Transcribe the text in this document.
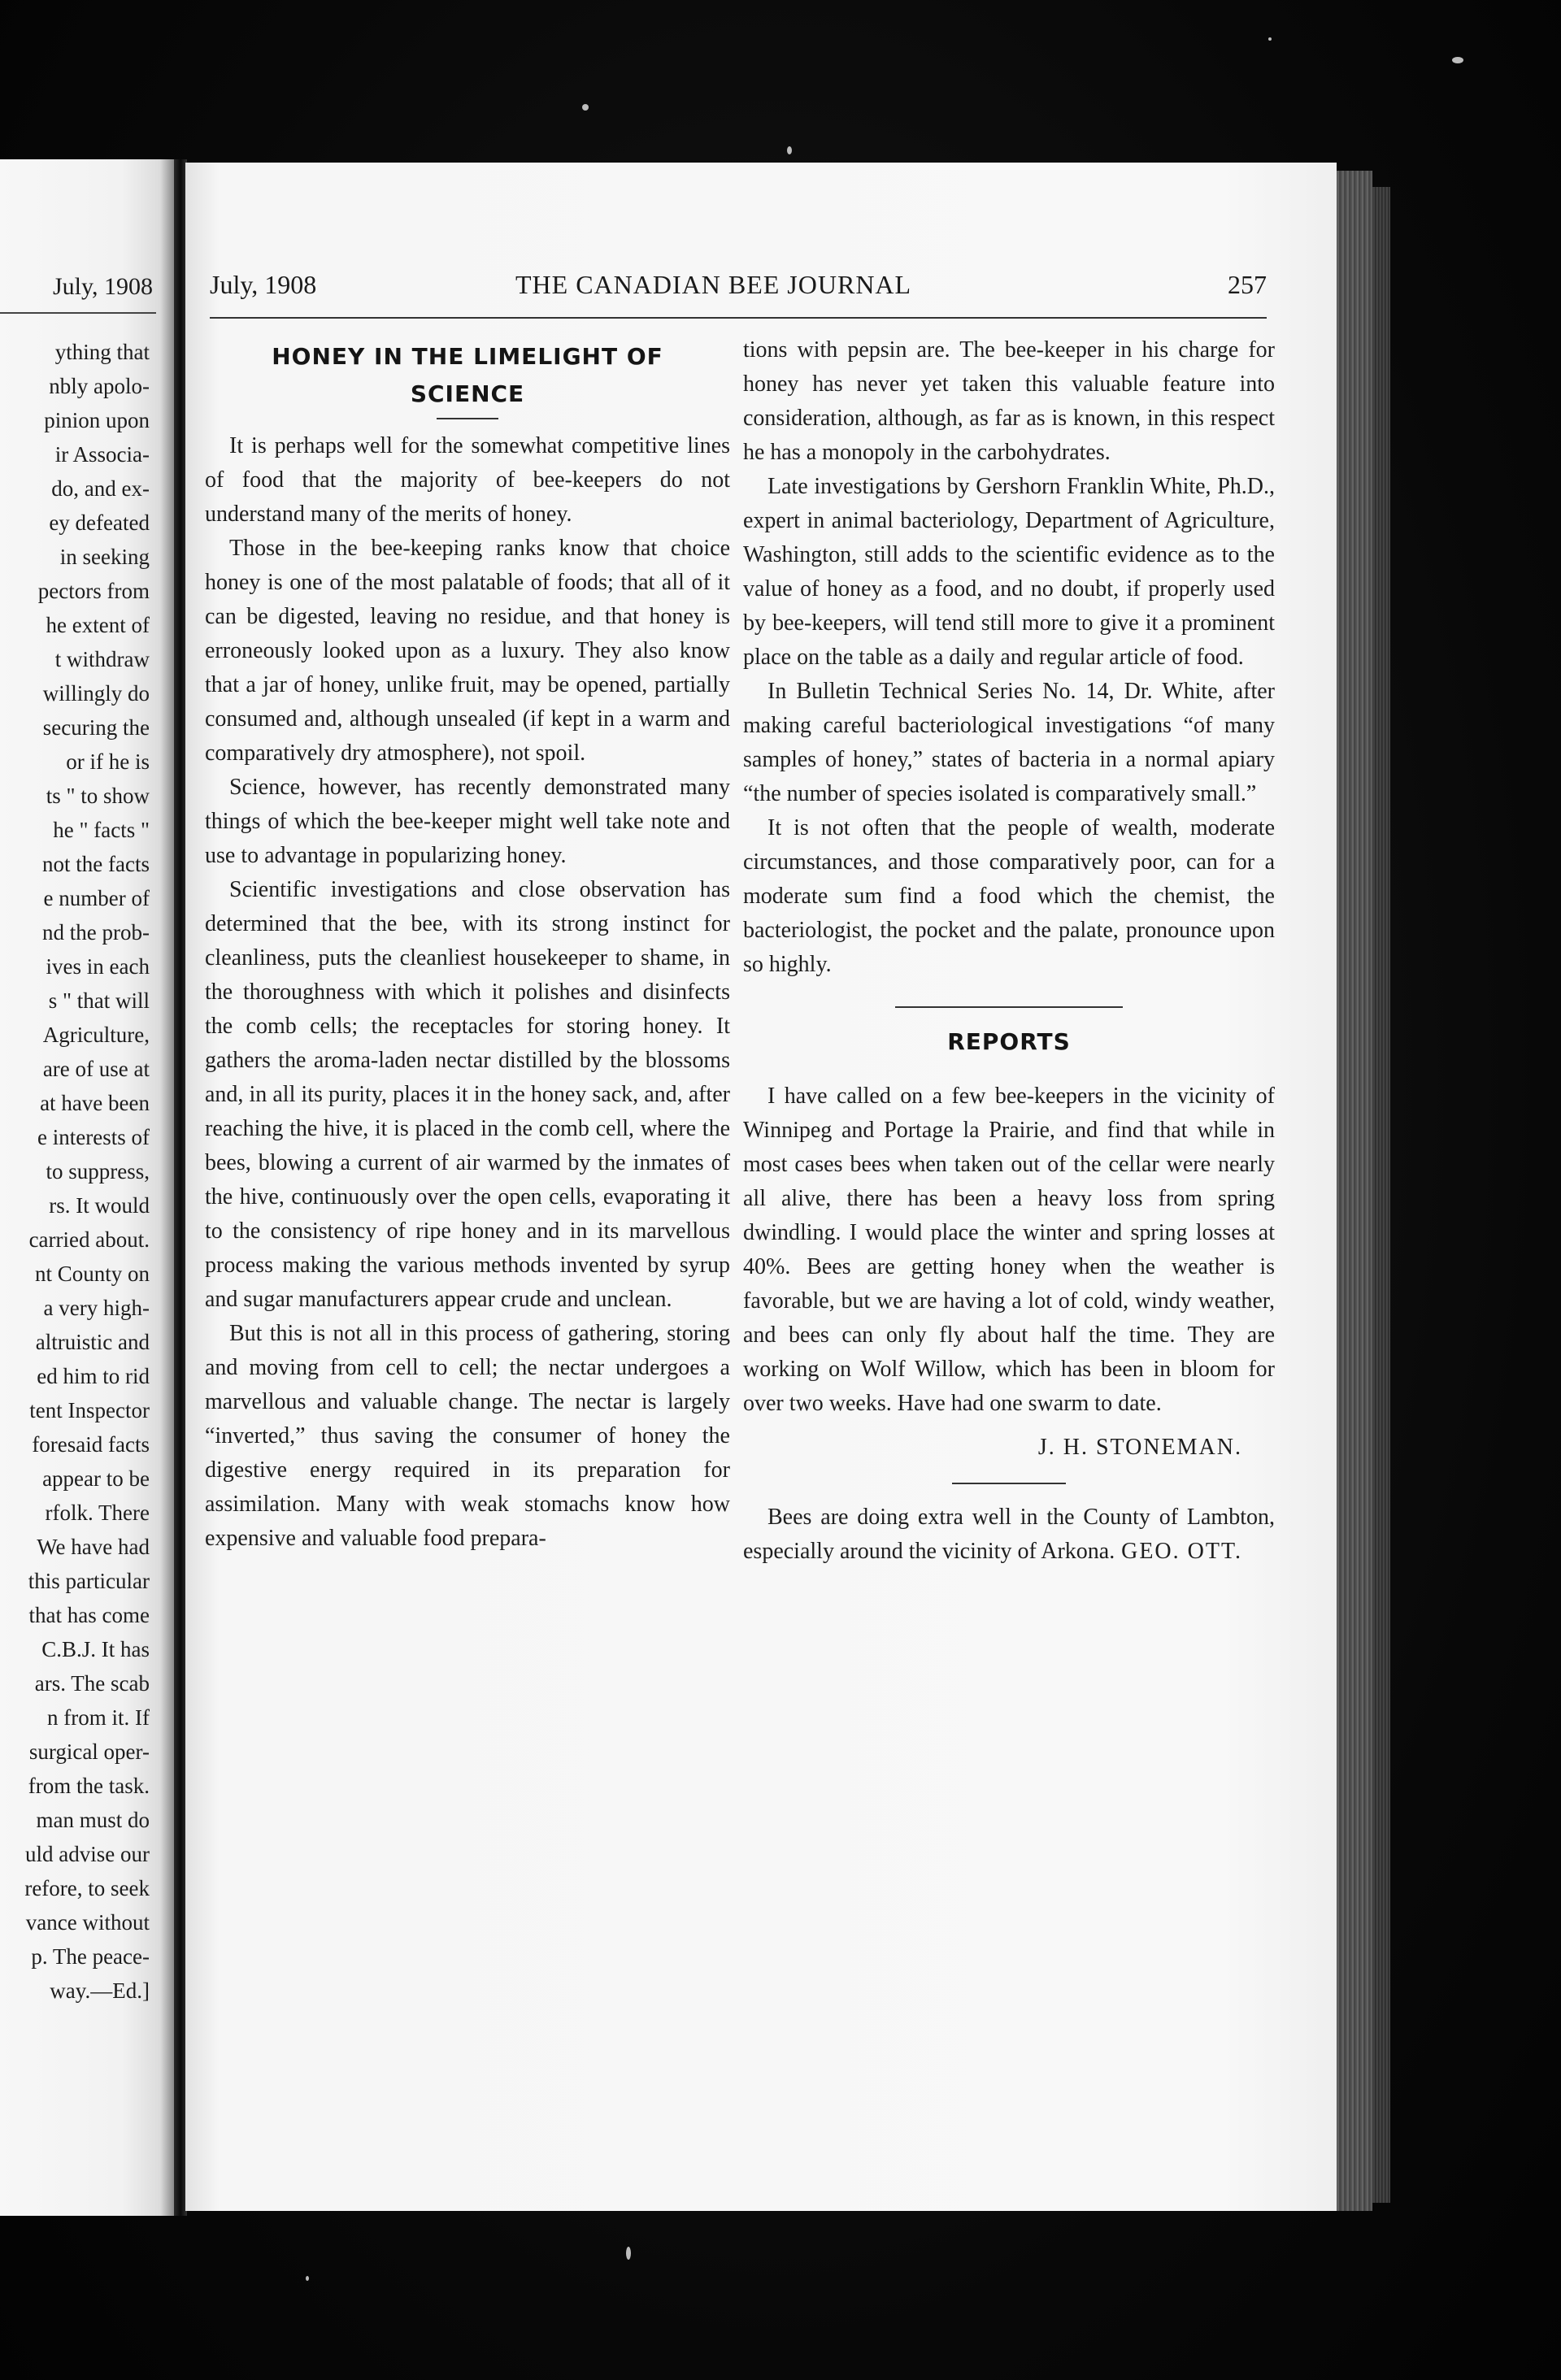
July, 1908
ything that
nbly apolo-
pinion upon
ir Associa-
do, and ex-
ey defeated
in seeking
pectors from
he extent of
t withdraw
willingly do
securing the
or if he is
ts " to show
he " facts "
not the facts
e number of
nd the prob-
ives in each
s " that will
Agriculture,
are of use at
at have been
e interests of
to suppress,
rs. It would
carried about.
nt County on
a very high-
altruistic and
ed him to rid
tent Inspector
foresaid facts
appear to be
rfolk. There
We have had
this particular
that has come
C.B.J. It has
ars. The scab
n from it. If
surgical oper-
from the task.
man must do
uld advise our
refore, to seek
vance without
p. The peace-
way.—Ed.]
July, 1908	THE CANADIAN BEE JOURNAL	257
HONEY IN THE LIMELIGHT OF
SCIENCE

It is perhaps well for the somewhat competitive lines of food that the majority of bee-keepers do not understand many of the merits of honey.

Those in the bee-keeping ranks know that choice honey is one of the most palatable of foods; that all of it can be digested, leaving no residue, and that honey is erroneously looked upon as a luxury. They also know that a jar of honey, unlike fruit, may be opened, partially consumed and, although unsealed (if kept in a warm and comparatively dry atmosphere), not spoil.

Science, however, has recently demonstrated many things of which the bee-keeper might well take note and use to advantage in popularizing honey.

Scientific investigations and close observation has determined that the bee, with its strong instinct for cleanliness, puts the cleanliest housekeeper to shame, in the thoroughness with which it polishes and disinfects the comb cells; the receptacles for storing honey. It gathers the aroma-laden nectar distilled by the blossoms and, in all its purity, places it in the honey sack, and, after reaching the hive, it is placed in the comb cell, where the bees, blowing a current of air warmed by the inmates of the hive, continuously over the open cells, evaporating it to the consistency of ripe honey and in its marvellous process making the various methods invented by syrup and sugar manufacturers appear crude and unclean.

But this is not all in this process of gathering, storing and moving from cell to cell; the nectar undergoes a marvellous and valuable change. The nectar is largely “inverted,” thus saving the consumer of honey the digestive energy required in its preparation for assimilation. Many with weak stomachs know how expensive and valuable food prepara-

tions with pepsin are. The bee-keeper in his charge for honey has never yet taken this valuable feature into consideration, although, as far as is known, in this respect he has a monopoly in the carbohydrates.

Late investigations by Gershorn Franklin White, Ph.D., expert in animal bacteriology, Department of Agriculture, Washington, still adds to the scientific evidence as to the value of honey as a food, and no doubt, if properly used by bee-keepers, will tend still more to give it a prominent place on the table as a daily and regular article of food.

In Bulletin Technical Series No. 14, Dr. White, after making careful bacteriological investigations “of many samples of honey,” states of bacteria in a normal apiary “the number of species isolated is comparatively small.”

It is not often that the people of wealth, moderate circumstances, and those comparatively poor, can for a moderate sum find a food which the chemist, the bacteriologist, the pocket and the palate, pronounce upon so highly.

REPORTS

I have called on a few bee-keepers in the vicinity of Winnipeg and Portage la Prairie, and find that while in most cases bees when taken out of the cellar were nearly all alive, there has been a heavy loss from spring dwindling. I would place the winter and spring losses at 40%. Bees are getting honey when the weather is favorable, but we are having a lot of cold, windy weather, and bees can only fly about half the time. They are working on Wolf Willow, which has been in bloom for over two weeks. Have had one swarm to date.

J. H. STONEMAN.

Bees are doing extra well in the County of Lambton, especially around the vicinity of Arkona. GEO. OTT.
